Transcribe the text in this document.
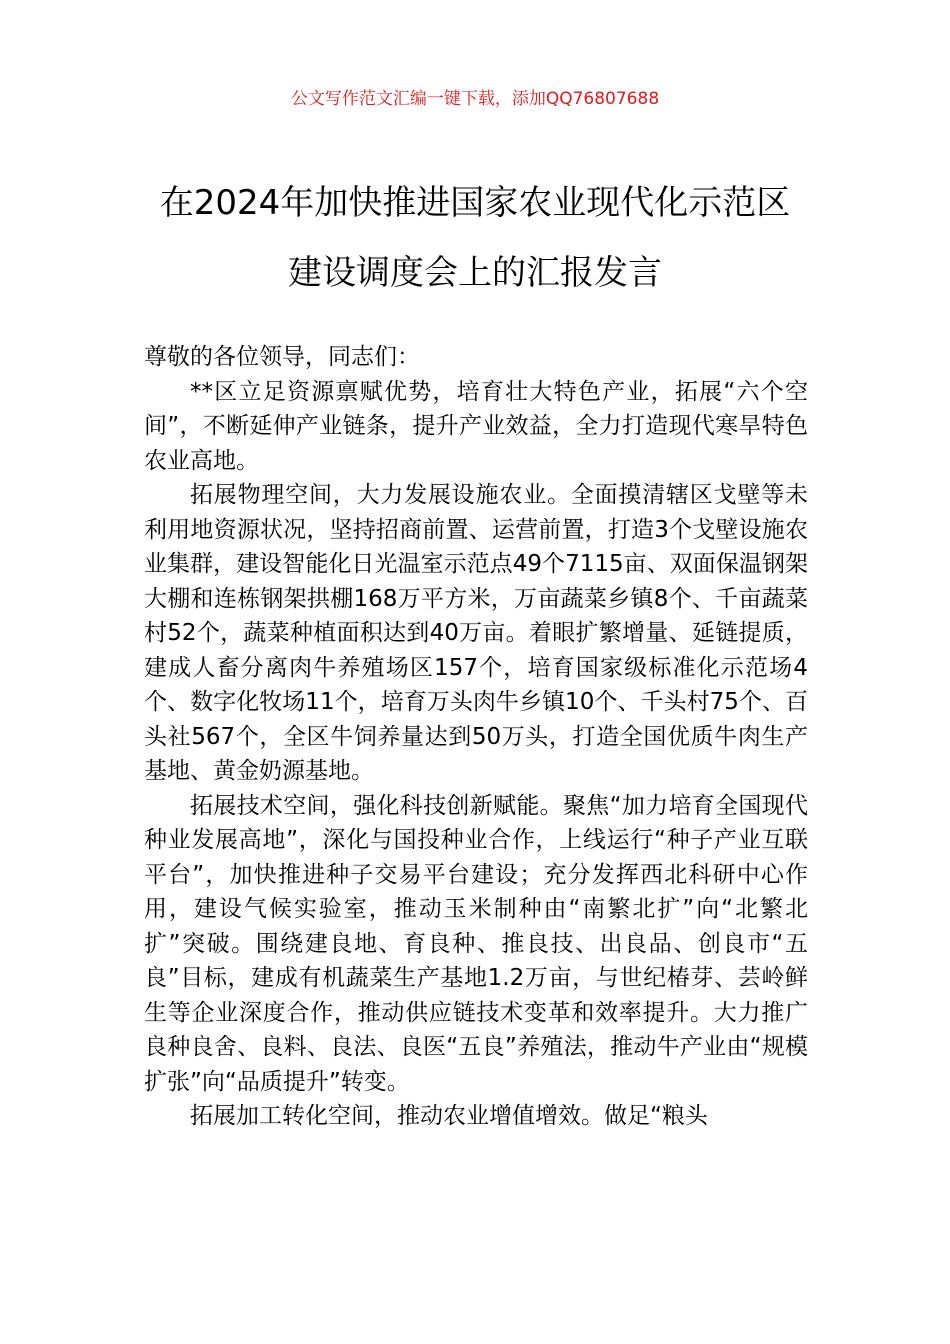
公文写作范文汇编一键下载，添加QQ76807688
在2024年加快推进国家农业现代化示范区
建设调度会上的汇报发言

尊敬的各位领导，同志们：

**区立足资源禀赋优势，培育壮大特色产业，拓展“六个空间”，不断延伸产业链条，提升产业效益，全力打造现代寒旱特色农业高地。

拓展物理空间，大力发展设施农业。全面摸清辖区戈壁等未利用地资源状况，坚持招商前置、运营前置，打造3个戈壁设施农业集群，建设智能化日光温室示范点49个7115亩、双面保温钢架大棚和连栋钢架拱棚168万平方米，万亩蔬菜乡镇8个、千亩蔬菜村52个，蔬菜种植面积达到40万亩。着眼扩繁增量、延链提质，建成人畜分离肉牛养殖场区157个，培育国家级标准化示范场4个、数字化牧场11个，培育万头肉牛乡镇10个、千头村75个、百头社567个，全区牛饲养量达到50万头，打造全国优质牛肉生产基地、黄金奶源基地。

拓展技术空间，强化科技创新赋能。聚焦“加力培育全国现代种业发展高地”，深化与国投种业合作，上线运行“种子产业互联平台”，加快推进种子交易平台建设；充分发挥西北科研中心作用，建设气候实验室，推动玉米制种由“南繁北扩”向“北繁北扩”突破。围绕建良地、育良种、推良技、出良品、创良市“五良”目标，建成有机蔬菜生产基地1.2万亩，与世纪椿芽、芸岭鲜生等企业深度合作，推动供应链技术变革和效率提升。大力推广良种良舍、良料、良法、良医“五良”养殖法，推动牛产业由“规模扩张”向“品质提升”转变。

拓展加工转化空间，推动农业增值增效。做足“粮头
